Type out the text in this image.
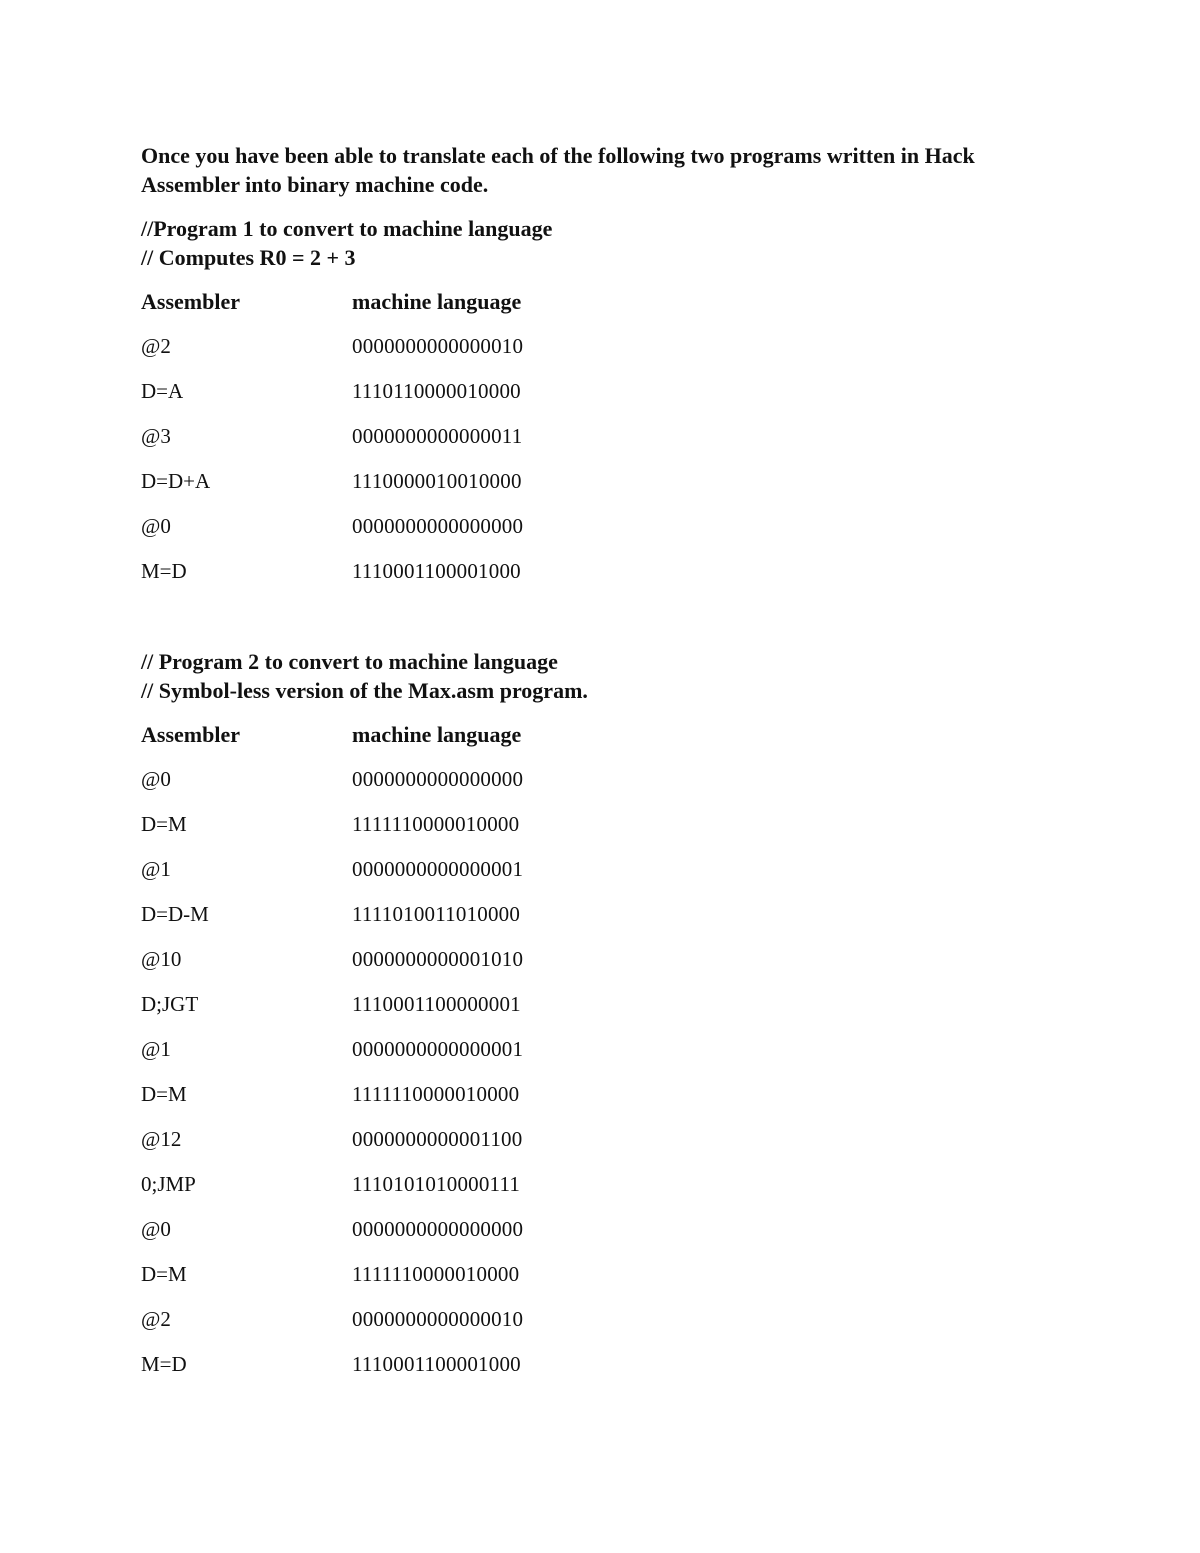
Once you have been able to translate each of the following two programs written in Hack
Assembler into binary machine code.
//Program 1 to convert to machine language
// Computes R0 = 2 + 3
Assembler	machine language
@2	0000000000000010
D=A	1110110000010000
@3	0000000000000011
D=D+A	1110000010010000
@0	0000000000000000
M=D	1110001100001000
// Program 2 to convert to machine language
// Symbol-less version of the Max.asm program.
Assembler	machine language
@0	0000000000000000
D=M	1111110000010000
@1	0000000000000001
D=D-M	1111010011010000
@10	0000000000001010
D;JGT	1110001100000001
@1	0000000000000001
D=M	1111110000010000
@12	0000000000001100
0;JMP	1110101010000111
@0	0000000000000000
D=M	1111110000010000
@2	0000000000000010
M=D	1110001100001000
